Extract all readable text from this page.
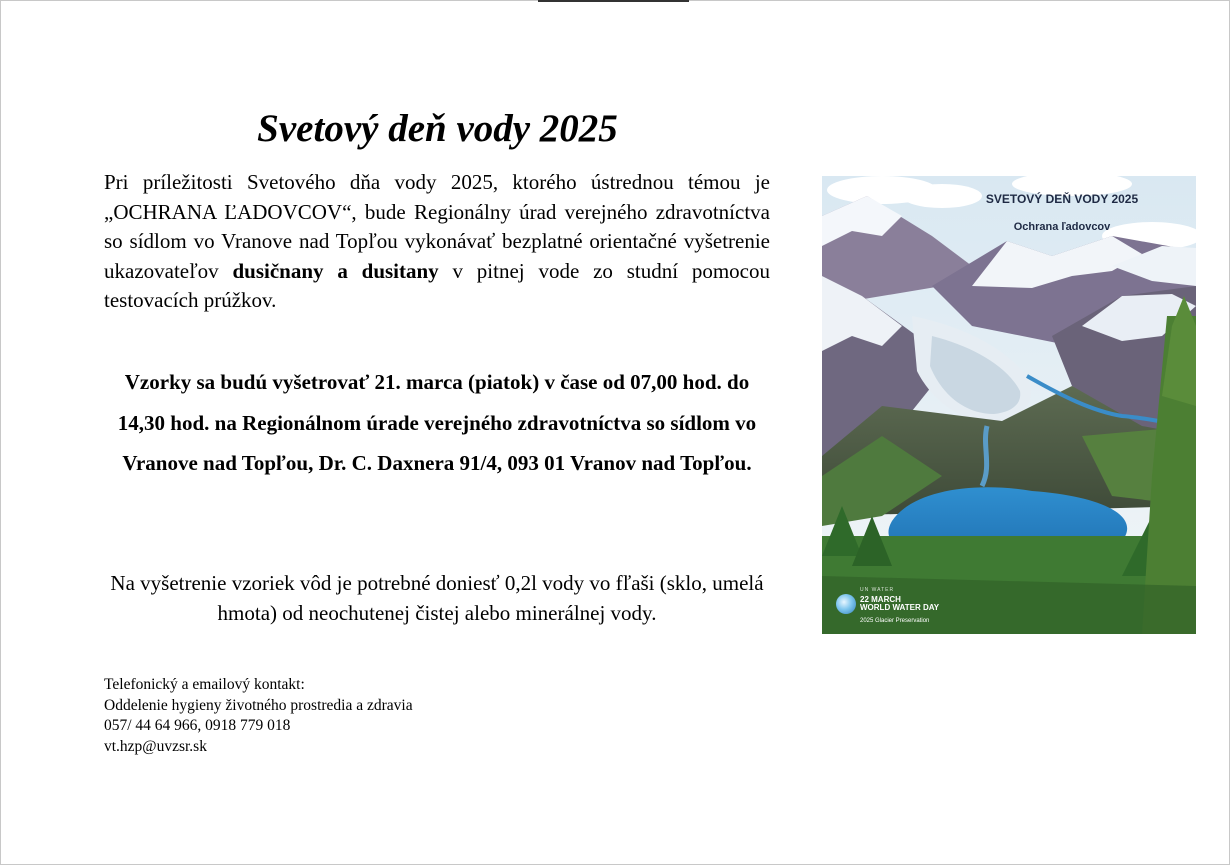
Svetový deň vody 2025

Pri príležitosti Svetového dňa vody 2025, ktorého ústrednou témou je „OCHRANA ĽADOVCOV“, bude Regionálny úrad verejného zdravotníctva so sídlom vo Vranove nad Topľou vykonávať bezplatné orientačné vyšetrenie ukazovateľov dusičnany a dusitany v pitnej vode zo studní pomocou testovacích prúžkov.

Vzorky sa budú vyšetrovať 21. marca (piatok) v čase od 07,00 hod. do 14,30 hod. na Regionálnom úrade verejného zdravotníctva so sídlom vo Vranove nad Topľou, Dr. C. Daxnera 91/4, 093 01 Vranov nad Topľou.

Na vyšetrenie vzoriek vôd je potrebné doniesť 0,2l vody vo fľaši (sklo, umelá hmota) od neochutenej čistej alebo minerálnej vody.

Telefonický a emailový kontakt:
Oddelenie hygieny životného prostredia a zdravia
057/ 44 64 966, 0918 779 018
vt.hzp@uvzsr.sk
SVETOVÝ DEŇ VODY 2025
Ochrana ľadovcov
UN WATER
22 MARCH
WORLD WATER DAY
2025 Glacier Preservation
